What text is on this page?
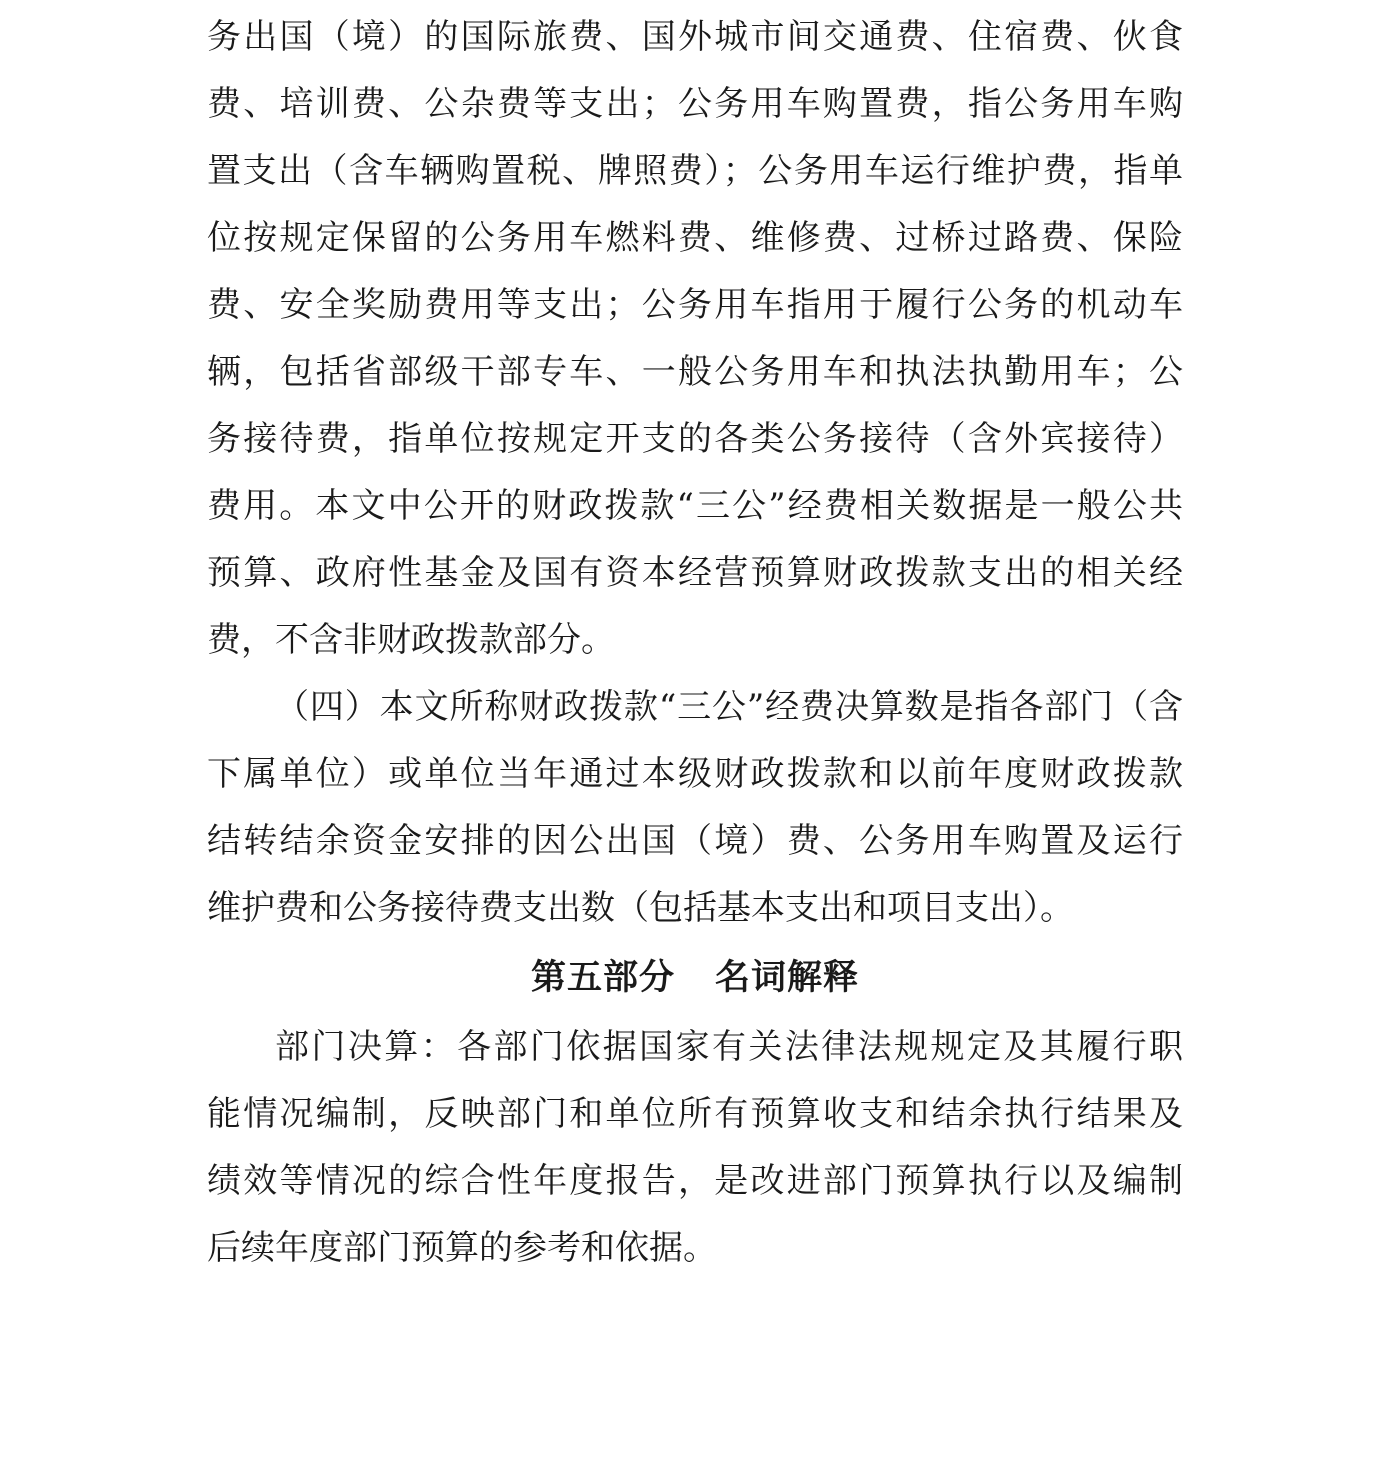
务出国（境）的国际旅费、国外城市间交通费、住宿费、伙食
费、培训费、公杂费等支出；公务用车购置费，指公务用车购
置支出（含车辆购置税、牌照费）；公务用车运行维护费，指单
位按规定保留的公务用车燃料费、维修费、过桥过路费、保险
费、安全奖励费用等支出；公务用车指用于履行公务的机动车
辆，包括省部级干部专车、一般公务用车和执法执勤用车；公
务接待费，指单位按规定开支的各类公务接待（含外宾接待）
费用。本文中公开的财政拨款“三公”经费相关数据是一般公共
预算、政府性基金及国有资本经营预算财政拨款支出的相关经
费，不含非财政拨款部分。
（四）本文所称财政拨款“三公”经费决算数是指各部门（含
下属单位）或单位当年通过本级财政拨款和以前年度财政拨款
结转结余资金安排的因公出国（境）费、公务用车购置及运行
维护费和公务接待费支出数（包括基本支出和项目支出）。
第五部分 名词解释
部门决算：各部门依据国家有关法律法规规定及其履行职
能情况编制，反映部门和单位所有预算收支和结余执行结果及
绩效等情况的综合性年度报告，是改进部门预算执行以及编制
后续年度部门预算的参考和依据。
